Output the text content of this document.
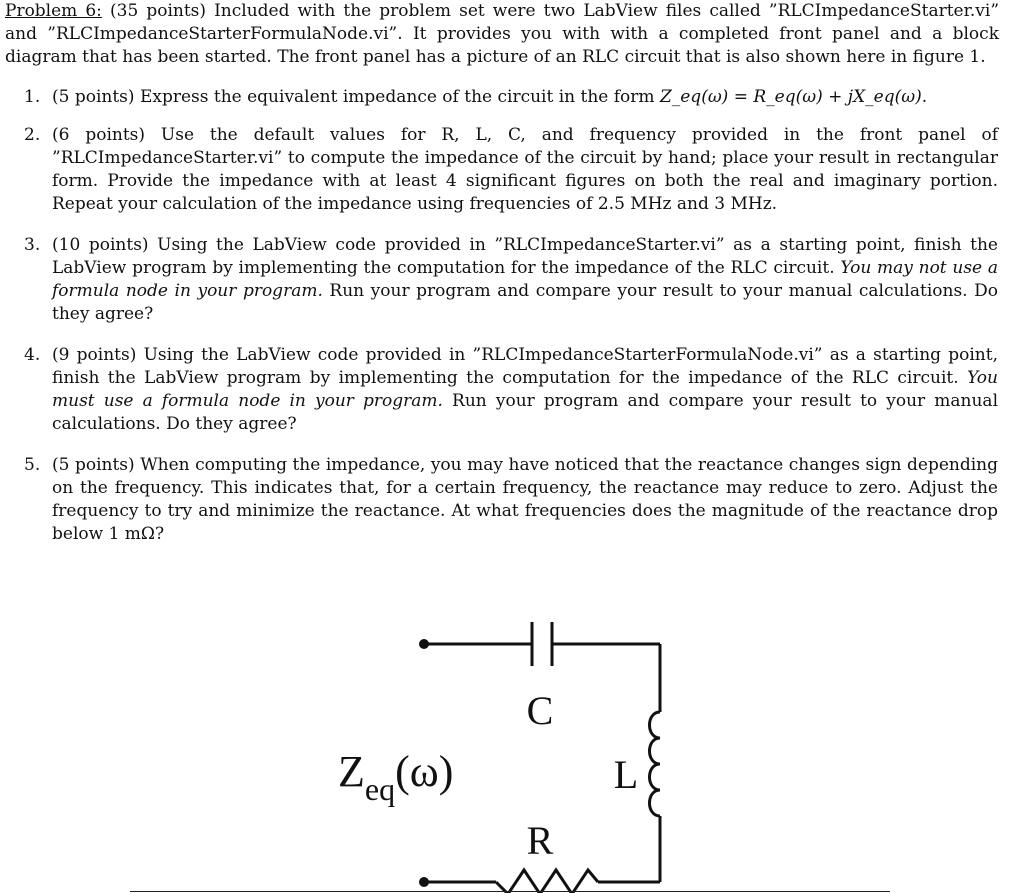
Problem 6: (35 points) Included with the problem set were two LabView files called ”RLCImpedanceStarter.vi” and ”RLCImpedanceStarterFormulaNode.vi”. It provides you with with a completed front panel and a block diagram that has been started. The front panel has a picture of an RLC circuit that is also shown here in figure 1.

1. (5 points) Express the equivalent impedance of the circuit in the form Z_eq(ω) = R_eq(ω) + jX_eq(ω).
2. (6 points) Use the default values for R, L, C, and frequency provided in the front panel of ”RLCImpedanceStarter.vi” to compute the impedance of the circuit by hand; place your result in rectangular form. Provide the impedance with at least 4 significant figures on both the real and imaginary portion. Repeat your calculation of the impedance using frequencies of 2.5 MHz and 3 MHz.
3. (10 points) Using the LabView code provided in ”RLCImpedanceStarter.vi” as a starting point, finish the LabView program by implementing the computation for the impedance of the RLC circuit. You may not use a formula node in your program. Run your program and compare your result to your manual calculations. Do they agree?
4. (9 points) Using the LabView code provided in ”RLCImpedanceStarterFormulaNode.vi” as a starting point, finish the LabView program by implementing the computation for the impedance of the RLC circuit. You must use a formula node in your program. Run your program and compare your result to your manual calculations. Do they agree?
5. (5 points) When computing the impedance, you may have noticed that the reactance changes sign depending on the frequency. This indicates that, for a certain frequency, the reactance may reduce to zero. Adjust the frequency to try and minimize the reactance. At what frequencies does the magnitude of the reactance drop below 1 mΩ?
C
L
R
$Z_{eq}(\omega)$
